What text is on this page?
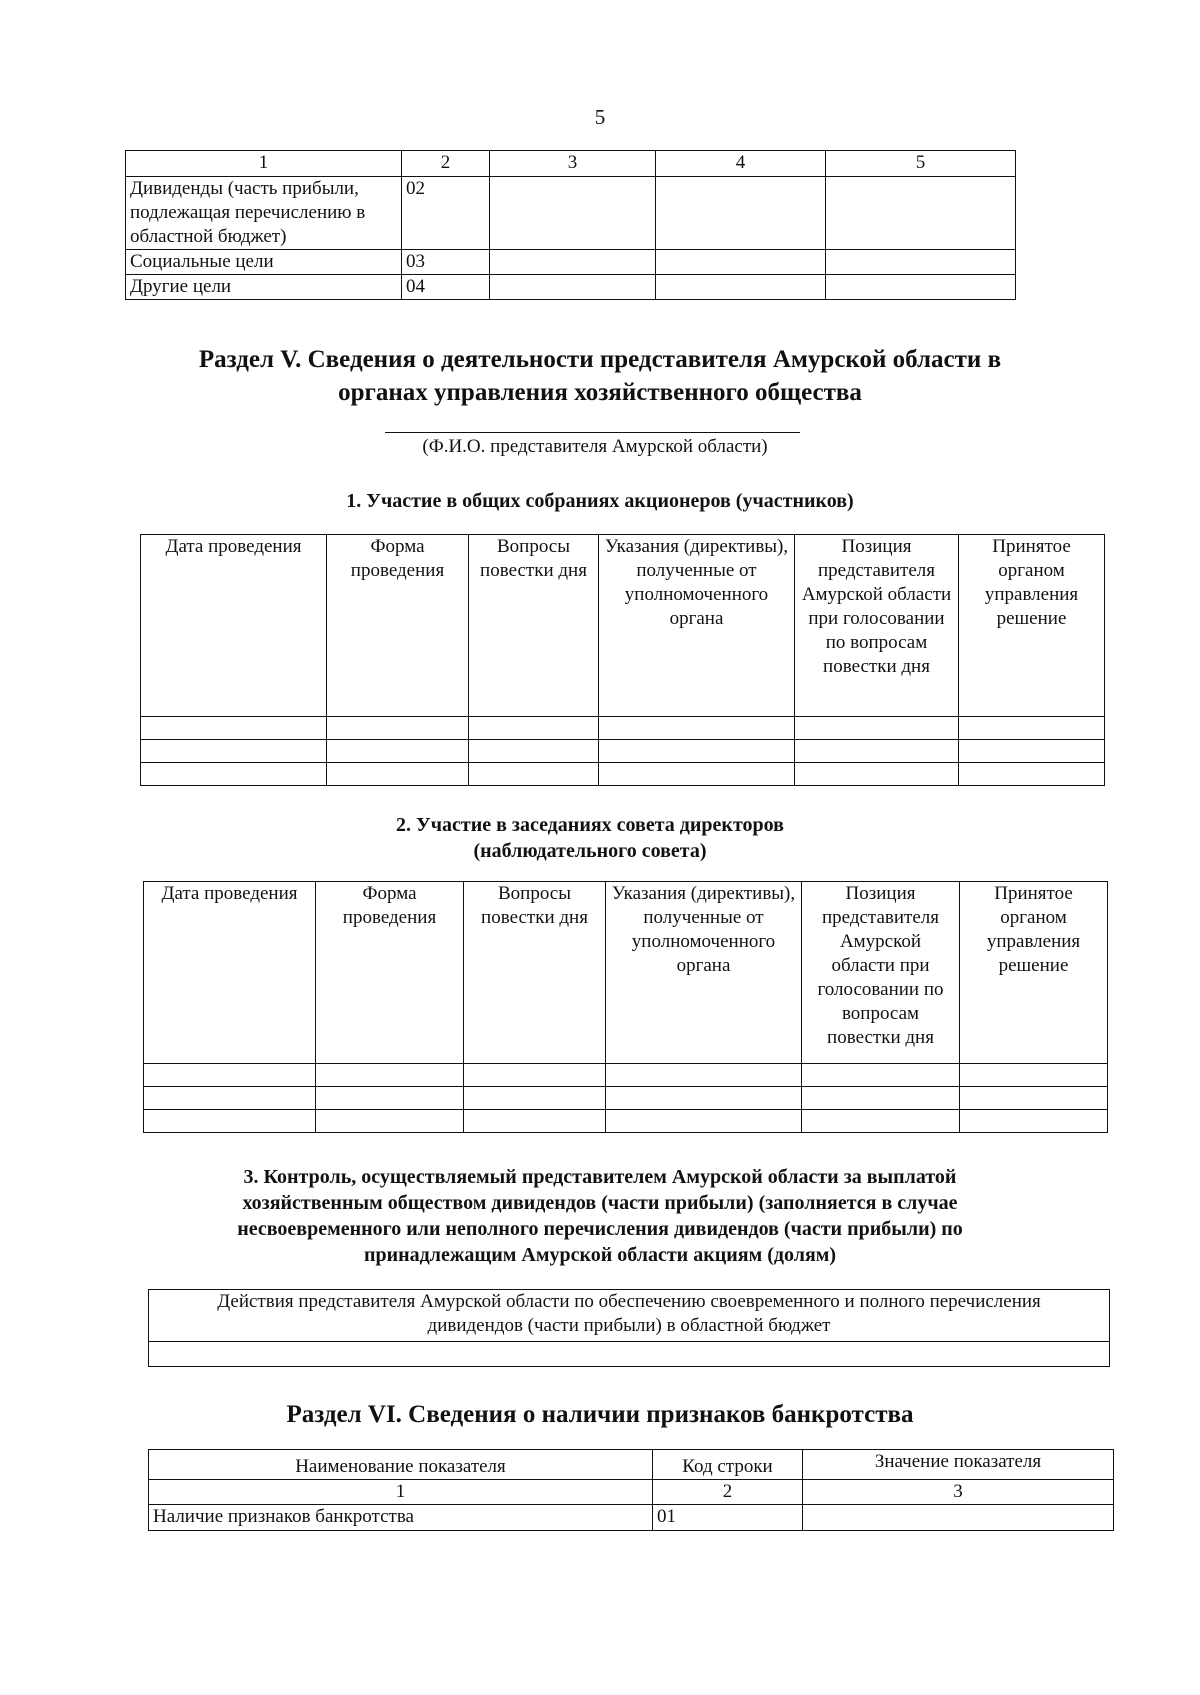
5
1	2	3	4	5
Дивиденды (часть прибыли, подлежащая перечислению в областной бюджет)	02			
Социальные цели	03			
Другие цели	04			
Раздел V. Сведения о деятельности представителя Амурской области в
органах управления хозяйственного общества
(Ф.И.О. представителя Амурской области)
1. Участие в общих собраниях акционеров (участников)
Дата проведения	Форма проведения	Вопросы повестки дня	Указания (директивы), полученные от уполномоченного органа	Позиция представителя Амурской области при голосовании по вопросам повестки дня	Принятое органом управления решение

2. Участие в заседаниях совета директоров
(наблюдательного совета)
Дата проведения	Форма проведения	Вопросы повестки дня	Указания (директивы), полученные от уполномоченного органа	Позиция представителя Амурской области при голосовании по вопросам повестки дня	Принятое органом управления решение

3. Контроль, осуществляемый представителем Амурской области за выплатой
хозяйственным обществом дивидендов (части прибыли) (заполняется в случае
несвоевременного или неполного перечисления дивидендов (части прибыли) по
принадлежащим Амурской области акциям (долям)
Действия представителя Амурской области по обеспечению своевременного и полного перечисления дивидендов (части прибыли) в областной бюджет

Раздел VI. Сведения о наличии признаков банкротства
Наименование показателя	Код строки	Значение показателя
1	2	3
Наличие признаков банкротства	01	
